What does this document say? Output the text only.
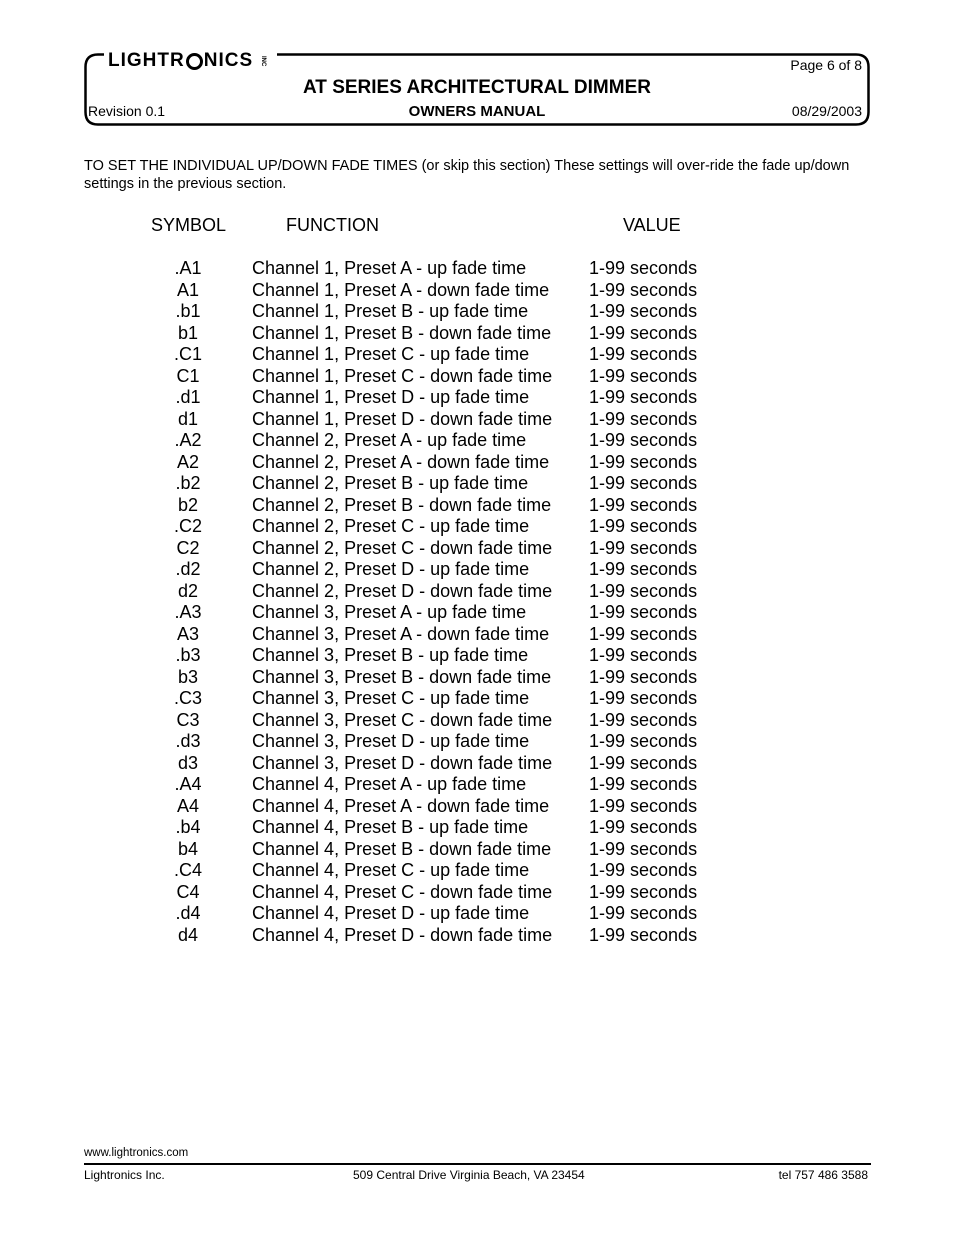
LIGHTR NICS	INC	Page 6 of 8
AT SERIES ARCHITECTURAL DIMMER
Revision 0.1	OWNERS MANUAL	08/29/2003
TO SET THE INDIVIDUAL UP/DOWN FADE TIMES (or skip this section) These settings will over-ride the fade up/down settings in the previous section.
SYMBOL	FUNCTION	VALUE
.A1	Channel 1, Preset A - up fade time	1-99 seconds
A1	Channel 1, Preset A - down fade time	1-99 seconds
.b1	Channel 1, Preset B - up fade time	1-99 seconds
b1	Channel 1, Preset B - down fade time	1-99 seconds
.C1	Channel 1, Preset C - up fade time	1-99 seconds
C1	Channel 1, Preset C - down fade time	1-99 seconds
.d1	Channel 1, Preset D - up fade time	1-99 seconds
d1	Channel 1, Preset D - down fade time	1-99 seconds
.A2	Channel 2, Preset A - up fade time	1-99 seconds
A2	Channel 2, Preset A - down fade time	1-99 seconds
.b2	Channel 2, Preset B - up fade time	1-99 seconds
b2	Channel 2, Preset B - down fade time	1-99 seconds
.C2	Channel 2, Preset C - up fade time	1-99 seconds
C2	Channel 2, Preset C - down fade time	1-99 seconds
.d2	Channel 2, Preset D - up fade time	1-99 seconds
d2	Channel 2, Preset D - down fade time	1-99 seconds
.A3	Channel 3, Preset A - up fade time	1-99 seconds
A3	Channel 3, Preset A - down fade time	1-99 seconds
.b3	Channel 3, Preset B - up fade time	1-99 seconds
b3	Channel 3, Preset B - down fade time	1-99 seconds
.C3	Channel 3, Preset C - up fade time	1-99 seconds
C3	Channel 3, Preset C - down fade time	1-99 seconds
.d3	Channel 3, Preset D - up fade time	1-99 seconds
d3	Channel 3, Preset D - down fade time	1-99 seconds
.A4	Channel 4, Preset A - up fade time	1-99 seconds
A4	Channel 4, Preset A - down fade time	1-99 seconds
.b4	Channel 4, Preset B - up fade time	1-99 seconds
b4	Channel 4, Preset B - down fade time	1-99 seconds
.C4	Channel 4, Preset C - up fade time	1-99 seconds
C4	Channel 4, Preset C - down fade time	1-99 seconds
.d4	Channel 4, Preset D - up fade time	1-99 seconds
d4	Channel 4, Preset D - down fade time	1-99 seconds
www.lightronics.com
Lightronics Inc.	509 Central Drive Virginia Beach, VA 23454	tel 757 486 3588
